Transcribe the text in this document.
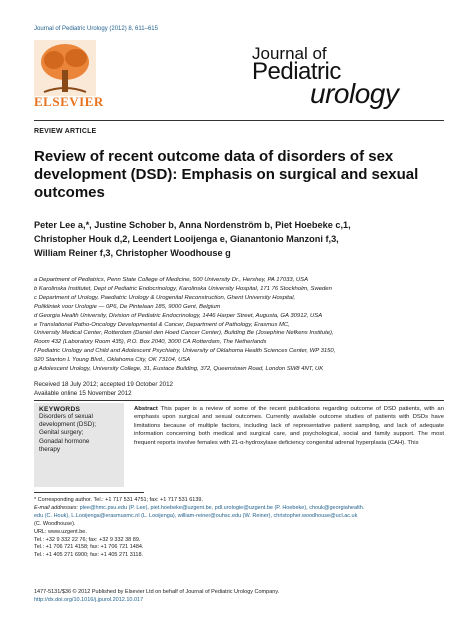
Journal of Pediatric Urology (2012) 8, 611–615
ELSEVIER
Journal of
Pediatric
urology
REVIEW ARTICLE
Review of recent outcome data of disorders of sex development (DSD): Emphasis on surgical and sexual outcomes
Peter Lee a,*, Justine Schober b, Anna Nordenström b, Piet Hoebeke c,1,
Christopher Houk d,2, Leendert Looijenga e, Gianantonio Manzoni f,3,
William Reiner f,3, Christopher Woodhouse g
a Department of Pediatrics, Penn State College of Medicine, 500 University Dr., Hershey, PA 17033, USA
b Karolinska Institutet, Dept of Pediatric Endocrinology, Karolinska University Hospital, 171 76 Stockholm, Sweden
c Department of Urology, Paediatric Urology & Urogenital Reconstruction, Ghent University Hospital,
Polikliniek voor Urologie — 0P6, De Pintelaan 185, 9000 Gent, Belgium
d Georgia Health University, Division of Pediatric Endocrinology, 1446 Harper Street, Augusta, GA 30912, USA
e Translational Patho-Oncology Developmental & Cancer, Department of Pathology, Erasmus MC,
University Medical Center, Rotterdam (Daniel den Hoed Cancer Center), Building Be (Josephine Nefkens Institute),
Room 432 (Laboratory Room 435), P.O. Box 2040, 3000 CA Rotterdam, The Netherlands
f Pediatric Urology and Child and Adolescent Psychiatry, University of Oklahoma Health Sciences Center, WP 3150,
920 Stanton L Young Blvd., Oklahoma City, OK 73104, USA
g Adolescent Urology, University College, 31, Eustace Building, 372, Queenstown Road, London SW8 4NT, UK
Received 18 July 2012; accepted 19 October 2012
Available online 15 November 2012
KEYWORDS
Disorders of sexual
development (DSD);
Genital surgery;
Gonadal hormone
therapy
Abstract This paper is a review of some of the recent publications regarding outcome of DSD patients, with an emphasis upon surgical and sexual outcomes. Currently available outcome studies of patients with DSDs have limitations because of multiple factors, including lack of representative patient sampling, and lack of adequate information concerning both medical and surgical care, and psychological, social and family support. The most frequent reports involve females with 21-α-hydroxylase deficiency congenital adrenal hyperplasia (CAH). This
* Corresponding author. Tel.: +1 717 531 4751; fax: +1 717 531 6139.
E-mail addresses: plee@hmc.psu.edu (P. Lee), piet.hoebeke@uzgent.be, pdl.urologie@uzgent.be (P. Hoebeke), chouk@georgiahealth.
edu (C. Houk), L.Looijenga@erasmusmc.nl (L. Looijenga), william-reiner@ouhsc.edu (W. Reiner), christopher.woodhouse@ucl.ac.uk
(C. Woodhouse).
URL: www.uzgent.be.
Tel.: +32 9 332 22 76; fax: +32 9 332 38 89.
Tel.: +1 706 721 4158; fax: +1 706 721 1484.
Tel.: +1 405 271 6900; fax: +1 405 271 3118.
1477-5131/$36 © 2012 Published by Elsevier Ltd on behalf of Journal of Pediatric Urology Company.
http://dx.doi.org/10.1016/j.jpurol.2012.10.017
